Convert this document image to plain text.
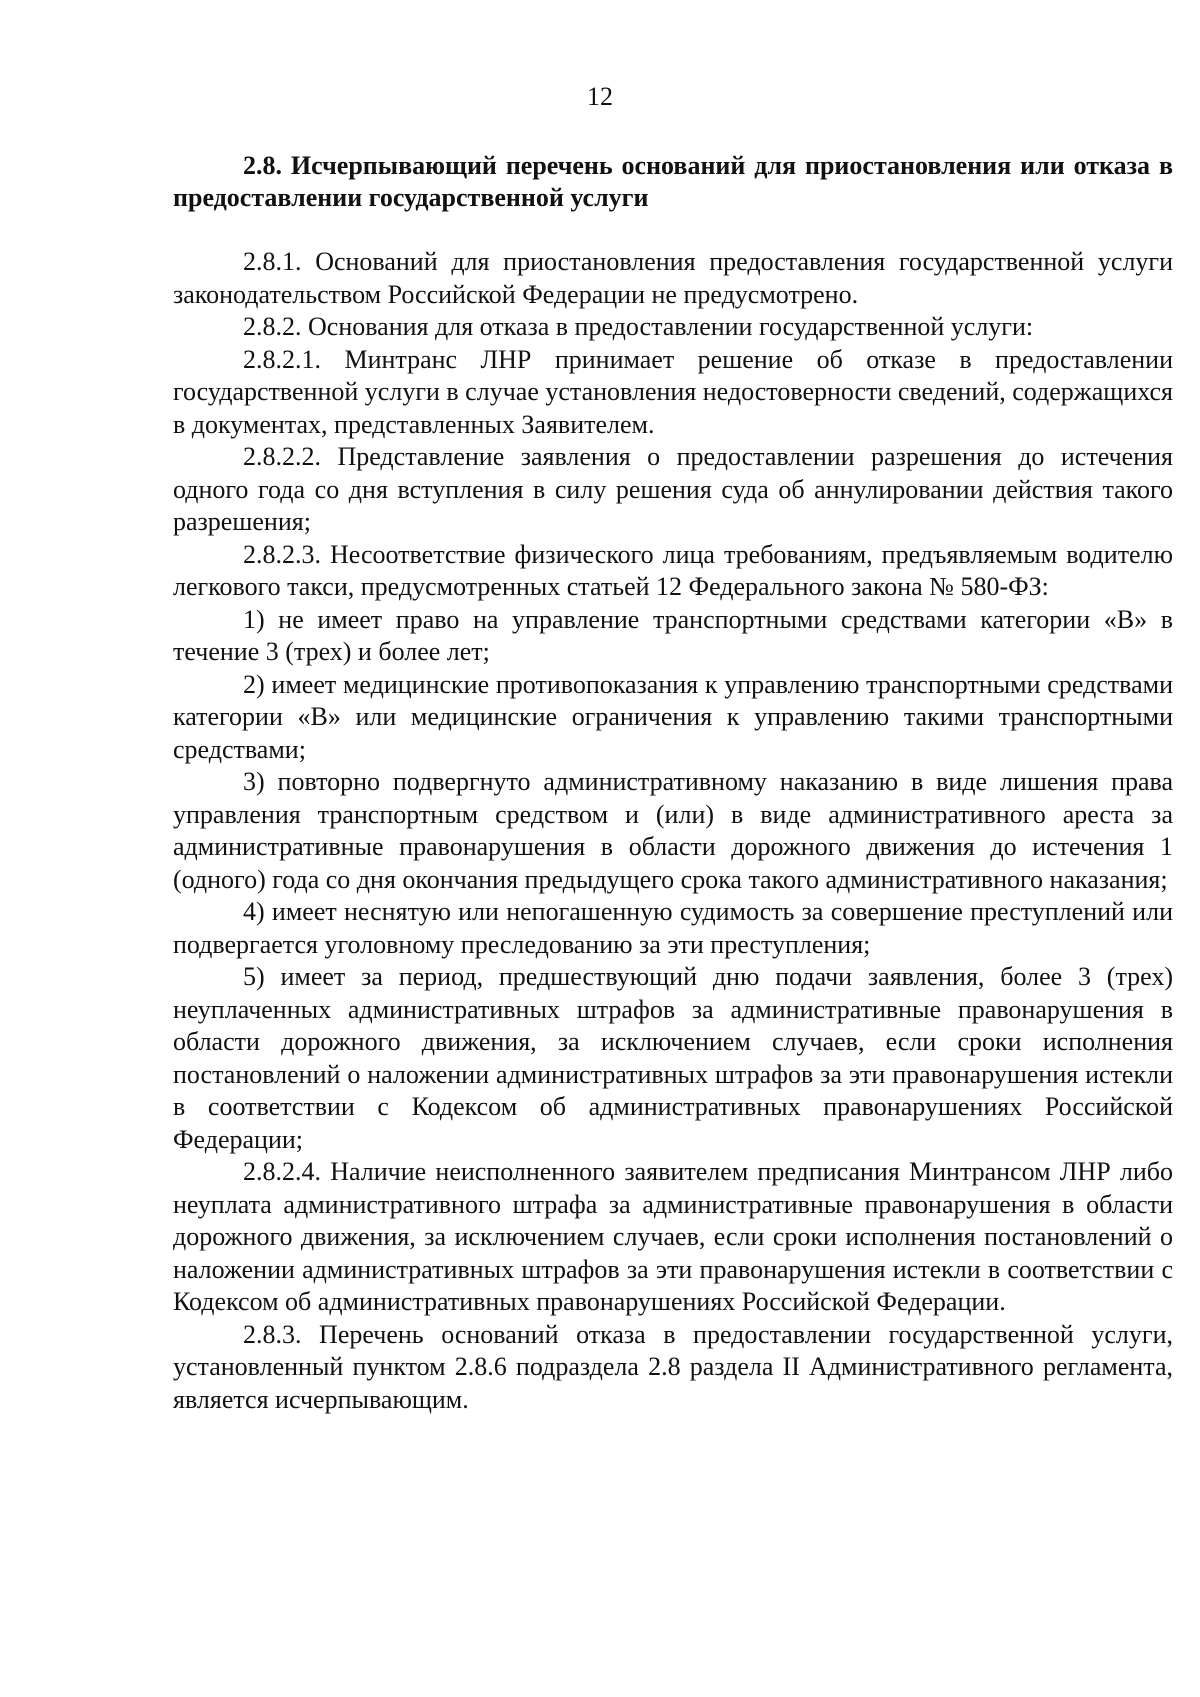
12

2.8. Исчерпывающий перечень оснований для приостановления или отказа в предоставлении государственной услуги

2.8.1. Оснований для приостановления предоставления государственной услуги законодательством Российской Федерации не предусмотрено.

2.8.2. Основания для отказа в предоставлении государственной услуги:

2.8.2.1. Минтранс ЛНР принимает решение об отказе в предоставлении государственной услуги в случае установления недостоверности сведений, содержащихся в документах, представленных Заявителем.

2.8.2.2. Представление заявления о предоставлении разрешения до истечения одного года со дня вступления в силу решения суда об аннулировании действия такого разрешения;

2.8.2.3. Несоответствие физического лица требованиям, предъявляемым водителю легкового такси, предусмотренных статьей 12 Федерального закона № 580-ФЗ:

1) не имеет право на управление транспортными средствами категории «В» в течение 3 (трех) и более лет;

2) имеет медицинские противопоказания к управлению транспортными средствами категории «В» или медицинские ограничения к управлению такими транспортными средствами;

3) повторно подвергнуто административному наказанию в виде лишения права управления транспортным средством и (или) в виде административного ареста за административные правонарушения в области дорожного движения до истечения 1 (одного) года со дня окончания предыдущего срока такого административного наказания;

4) имеет неснятую или непогашенную судимость за совершение преступлений или подвергается уголовному преследованию за эти преступления;

5) имеет за период, предшествующий дню подачи заявления, более 3 (трех) неуплаченных административных штрафов за административные правонарушения в области дорожного движения, за исключением случаев, если сроки исполнения постановлений о наложении административных штрафов за эти правонарушения истекли в соответствии с Кодексом об административных правонарушениях Российской Федерации;

2.8.2.4. Наличие неисполненного заявителем предписания Минтрансом ЛНР либо неуплата административного штрафа за административные правонарушения в области дорожного движения, за исключением случаев, если сроки исполнения постановлений о наложении административных штрафов за эти правонарушения истекли в соответствии с Кодексом об административных правонарушениях Российской Федерации.

2.8.3. Перечень оснований отказа в предоставлении государственной услуги, установленный пунктом 2.8.6 подраздела 2.8 раздела II Административного регламента, является исчерпывающим.
